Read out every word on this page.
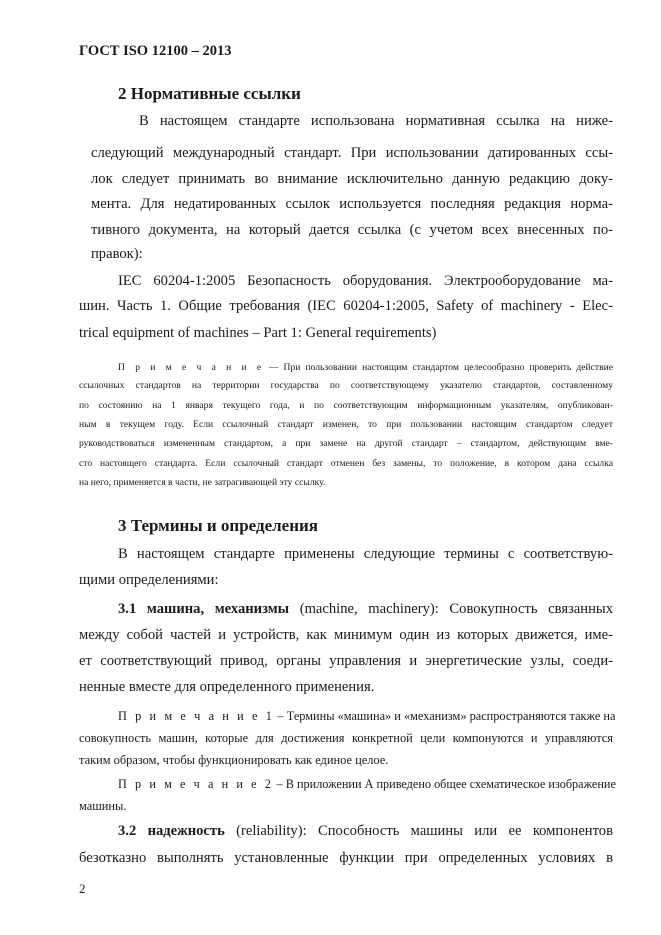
ГОСТ ISO 12100 – 2013
2 Нормативные ссылки
В настоящем стандарте использована нормативная ссылка на ниже-
следующий международный стандарт. При использовании датированных ссы-
лок следует принимать во внимание исключительно данную редакцию доку-
мента. Для недатированных ссылок используется последняя редакция норма-
тивного документа, на который дается ссылка (с учетом всех внесенных по-
правок):
IEC 60204-1:2005 Безопасность оборудования. Электрооборудование ма-
шин. Часть 1. Общие требования (IEC 60204-1:2005, Safety of machinery - Elec-
trical equipment of machines – Part 1: General requirements)
П р и м е ч а н и е — При пользовании настоящим стандартом целесообразно проверить действие
ссылочных стандартов на территории государства по соответствующему указателю стандартов, составленному
по состоянию на 1 января текущего года, и по соответствующим информационным указателям, опубликован-
ным в текущем году. Если ссылочный стандарт изменен, то при пользовании настоящим стандартом следует
руководствоваться измененным стандартом, а при замене на другой стандарт – стандартом, действующим вме-
сто настоящего стандарта. Если ссылочный стандарт отменен без замены, то положение, в котором дана ссылка
на него, применяется в части, не затрагивающей эту ссылку.
3 Термины и определения
В настоящем стандарте применены следующие термины с соответствую-
щими определениями:
3.1 машина, механизмы (machine, machinery): Совокупность связанных
между собой частей и устройств, как минимум один из которых движется, име-
ет соответствующий привод, органы управления и энергетические узлы, соеди-
ненные вместе для определенного применения.
П р и м е ч а н и е 1 – Термины «машина» и «механизм» распространяются также на
совокупность машин, которые для достижения конкретной цели компонуются и управляются
таким образом, чтобы функционировать как единое целое.
П р и м е ч а н и е 2 – В приложении А приведено общее схематическое изображение
машины.
3.2 надежность (reliability): Способность машины или ее компонентов
безотказно выполнять установленные функции при определенных условиях в
2
